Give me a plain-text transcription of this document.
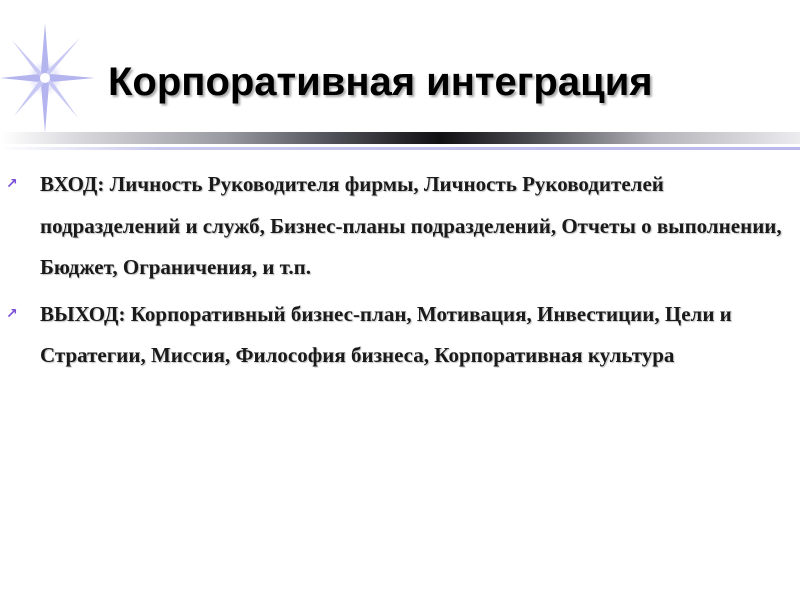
Корпоративная интеграция
↗ ВХОД: Личность Руководителя фирмы, Личность Руководителей подразделений и служб, Бизнес-планы подразделений, Отчеты о выполнении, Бюджет, Ограничения, и т.п.
↗ ВЫХОД: Корпоративный бизнес-план, Мотивация, Инвестиции, Цели и Стратегии, Миссия, Философия бизнеса, Корпоративная культура
